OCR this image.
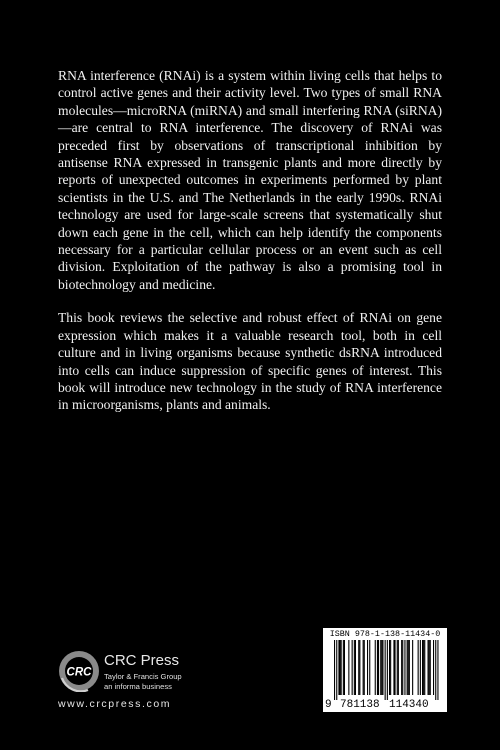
RNA interference (RNAi) is a system within living cells that helps to control active genes and their activity level. Two types of small RNA molecules—microRNA (miRNA) and small interfering RNA (siRNA)—are central to RNA interference. The discovery of RNAi was preceded first by observations of transcriptional inhibition by antisense RNA expressed in transgenic plants and more directly by reports of unexpected outcomes in experiments performed by plant scientists in the U.S. and The Netherlands in the early 1990s. RNAi technology are used for large-scale screens that systematically shut down each gene in the cell, which can help identify the components necessary for a particular cellular process or an event such as cell division. Exploitation of the pathway is also a promising tool in biotechnology and medicine.

This book reviews the selective and robust effect of RNAi on gene expression which makes it a valuable research tool, both in cell culture and in living organisms because synthetic dsRNA introduced into cells can induce suppression of specific genes of interest. This book will introduce new technology in the study of RNA interference in microorganisms, plants and animals.

CRC
CRC Press
Taylor & Francis Group
an informa business
www.crcpress.com
ISBN 978-1-138-11434-0
9 781138 114340
